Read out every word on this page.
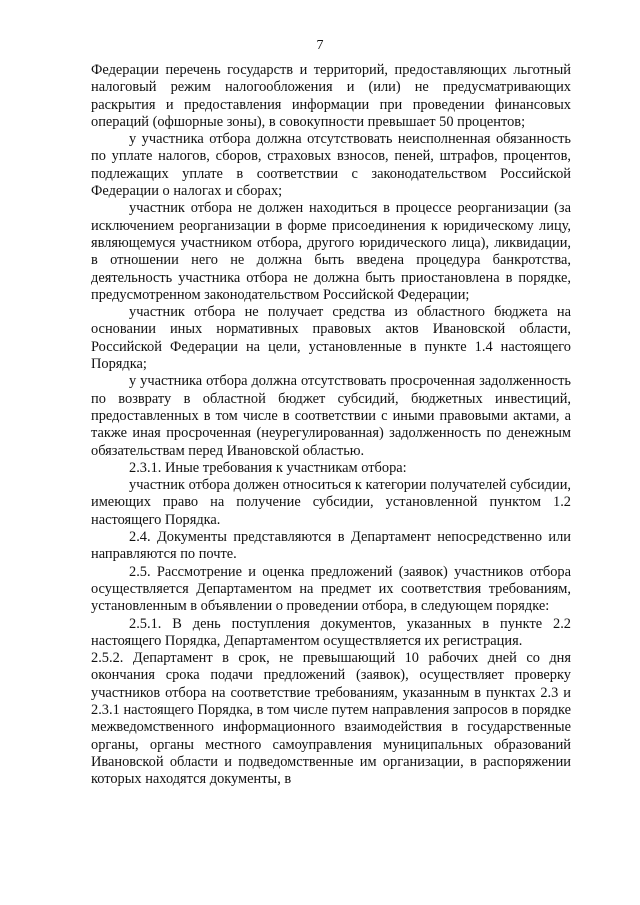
7

Федерации перечень государств и территорий, предоставляющих льготный налоговый режим налогообложения и (или) не предусматривающих раскрытия и предоставления информации при проведении финансовых операций (офшорные зоны), в совокупности превышает 50 процентов;

у участника отбора должна отсутствовать неисполненная обязанность по уплате налогов, сборов, страховых взносов, пеней, штрафов, процентов, подлежащих уплате в соответствии с законодательством Российской Федерации о налогах и сборах;

участник отбора не должен находиться в процессе реорганизации (за исключением реорганизации в форме присоединения к юридическому лицу, являющемуся участником отбора, другого юридического лица), ликвидации, в отношении него не должна быть введена процедура банкротства, деятельность участника отбора не должна быть приостановлена в порядке, предусмотренном законодательством Российской Федерации;

участник отбора не получает средства из областного бюджета на основании иных нормативных правовых актов Ивановской области, Российской Федерации на цели, установленные в пункте 1.4 настоящего Порядка;

у участника отбора должна отсутствовать просроченная задолженность по возврату в областной бюджет субсидий, бюджетных инвестиций, предоставленных в том числе в соответствии с иными правовыми актами, а также иная просроченная (неурегулированная) задолженность по денежным обязательствам перед Ивановской областью.

2.3.1. Иные требования к участникам отбора:

участник отбора должен относиться к категории получателей субсидии, имеющих право на получение субсидии, установленной пунктом 1.2 настоящего Порядка.

2.4. Документы представляются в Департамент непосредственно или направляются по почте.

2.5. Рассмотрение и оценка предложений (заявок) участников отбора осуществляется Департаментом на предмет их соответствия требованиям, установленным в объявлении о проведении отбора, в следующем порядке:

2.5.1. В день поступления документов, указанных в пункте 2.2 настоящего Порядка, Департаментом осуществляется их регистрация.

2.5.2. Департамент в срок, не превышающий 10 рабочих дней со дня окончания срока подачи предложений (заявок), осуществляет проверку участников отбора на соответствие требованиям, указанным в пунктах 2.3 и 2.3.1 настоящего Порядка, в том числе путем направления запросов в порядке межведомственного информационного взаимодействия в государственные органы, органы местного самоуправления муниципальных образований Ивановской области и подведомственные им организации, в распоряжении которых находятся документы, в
